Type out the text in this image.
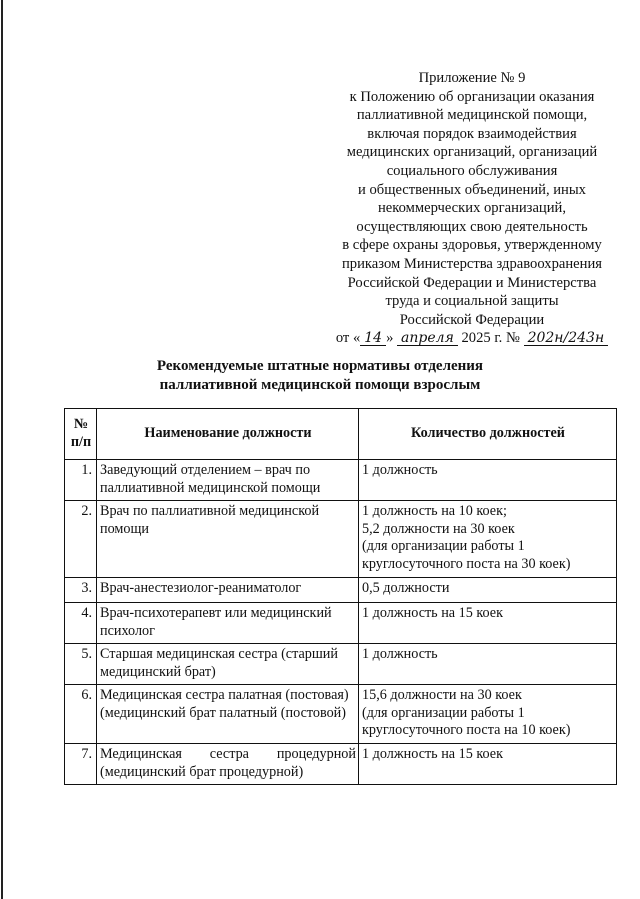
Приложение № 9
к Положению об организации оказания
паллиативной медицинской помощи,
включая порядок взаимодействия
медицинских организаций, организаций
социального обслуживания
и общественных объединений, иных
некоммерческих организаций,
осуществляющих свою деятельность
в сфере охраны здоровья, утвержденному
приказом Министерства здравоохранения
Российской Федерации и Министерства
труда и социальной защиты
Российской Федерации
от « 14 » апреля 2025 г. № 202н/243н
Рекомендуемые штатные нормативы отделения
паллиативной медицинской помощи взрослым
№
п/п	Наименование должности	Количество должностей
1.	Заведующий отделением – врач по паллиативной медицинской помощи	1 должность

2.	Врач по паллиативной медицинской помощи	1 должность на 10 коек;
5,2 должности на 30 коек
(для организации работы 1
круглосуточного поста на 30 коек)

3.	Врач-анестезиолог-реаниматолог	0,5 должности

4.	Врач-психотерапевт или медицинский психолог	1 должность на 15 коек

5.	Старшая медицинская сестра (старший медицинский брат)	1 должность

6.	Медицинская сестра палатная (постовая) (медицинский брат палатный (постовой)	15,6 должности на 30 коек
(для организации работы 1
круглосуточного поста на 10 коек)

7.	Медицинская сестра процедурной
(медицинский брат процедурной)	1 должность на 15 коек
